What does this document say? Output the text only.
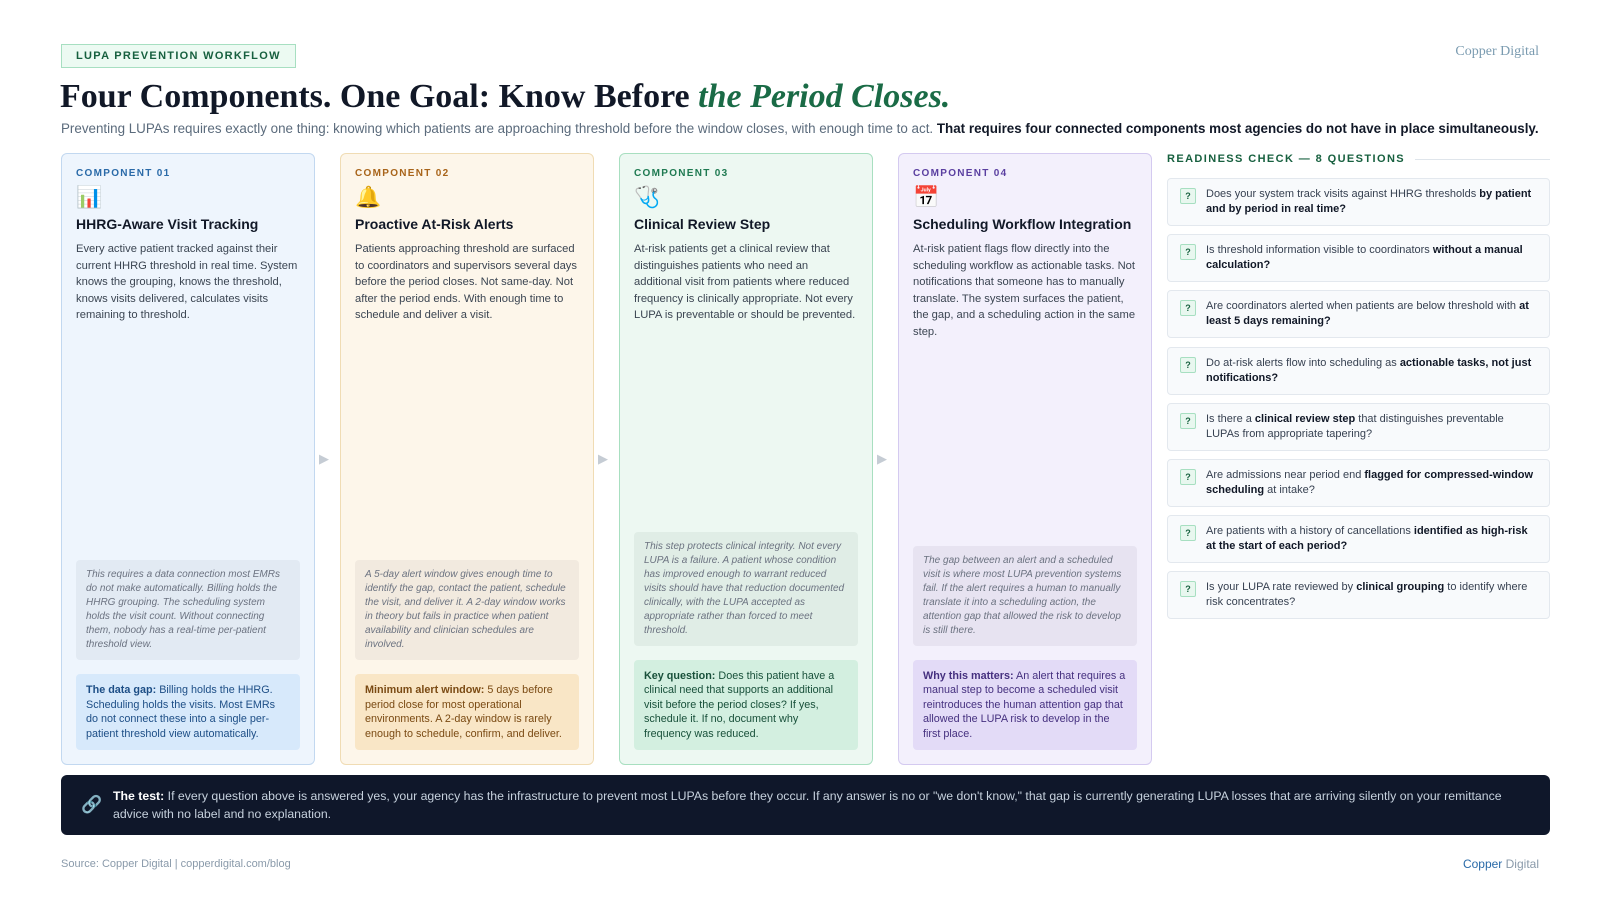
LUPA PREVENTION WORKFLOW	Copper Digital
Four Components. One Goal: Know Before the Period Closes.

Preventing LUPAs requires exactly one thing: knowing which patients are approaching threshold before the window closes, with enough time to act. That requires four connected components most agencies do not have in place simultaneously.

COMPONENT 01
📊
HHRG-Aware Visit Tracking
Every active patient tracked against their current HHRG threshold in real time. System knows the grouping, knows the threshold, knows visits delivered, calculates visits remaining to threshold.
This requires a data connection most EMRs do not make automatically. Billing holds the HHRG grouping. The scheduling system holds the visit count. Without connecting them, nobody has a real-time per-patient threshold view.
The data gap: Billing holds the HHRG. Scheduling holds the visits. Most EMRs do not connect these into a single per-patient threshold view automatically.
▶
COMPONENT 02
🔔
Proactive At-Risk Alerts
Patients approaching threshold are surfaced to coordinators and supervisors several days before the period closes. Not same-day. Not after the period ends. With enough time to schedule and deliver a visit.
A 5-day alert window gives enough time to identify the gap, contact the patient, schedule the visit, and deliver it. A 2-day window works in theory but fails in practice when patient availability and clinician schedules are involved.
Minimum alert window: 5 days before period close for most operational environments. A 2-day window is rarely enough to schedule, confirm, and deliver.
▶
COMPONENT 03
🩺
Clinical Review Step
At-risk patients get a clinical review that distinguishes patients who need an additional visit from patients where reduced frequency is clinically appropriate. Not every LUPA is preventable or should be prevented.
This step protects clinical integrity. Not every LUPA is a failure. A patient whose condition has improved enough to warrant reduced visits should have that reduction documented clinically, with the LUPA accepted as appropriate rather than forced to meet threshold.
Key question: Does this patient have a clinical need that supports an additional visit before the period closes? If yes, schedule it. If no, document why frequency was reduced.
▶
COMPONENT 04
📅
Scheduling Workflow Integration
At-risk patient flags flow directly into the scheduling workflow as actionable tasks. Not notifications that someone has to manually translate. The system surfaces the patient, the gap, and a scheduling action in the same step.
The gap between an alert and a scheduled visit is where most LUPA prevention systems fail. If the alert requires a human to manually translate it into a scheduling action, the attention gap that allowed the risk to develop is still there.
Why this matters: An alert that requires a manual step to become a scheduled visit reintroduces the human attention gap that allowed the LUPA risk to develop in the first place.
READINESS CHECK — 8 QUESTIONS
?	Does your system track visits against HHRG thresholds by patient and by period in real time?
?	Is threshold information visible to coordinators without a manual calculation?
?	Are coordinators alerted when patients are below threshold with at least 5 days remaining?
?	Do at-risk alerts flow into scheduling as actionable tasks, not just notifications?
?	Is there a clinical review step that distinguishes preventable LUPAs from appropriate tapering?
?	Are admissions near period end flagged for compressed-window scheduling at intake?
?	Are patients with a history of cancellations identified as high-risk at the start of each period?
?	Is your LUPA rate reviewed by clinical grouping to identify where risk concentrates?
🔗 The test: If every question above is answered yes, your agency has the infrastructure to prevent most LUPAs before they occur. If any answer is no or "we don't know," that gap is currently generating LUPA losses that are arriving silently on your remittance advice with no label and no explanation.
Source: Copper Digital | copperdigital.com/blog	Copper Digital
